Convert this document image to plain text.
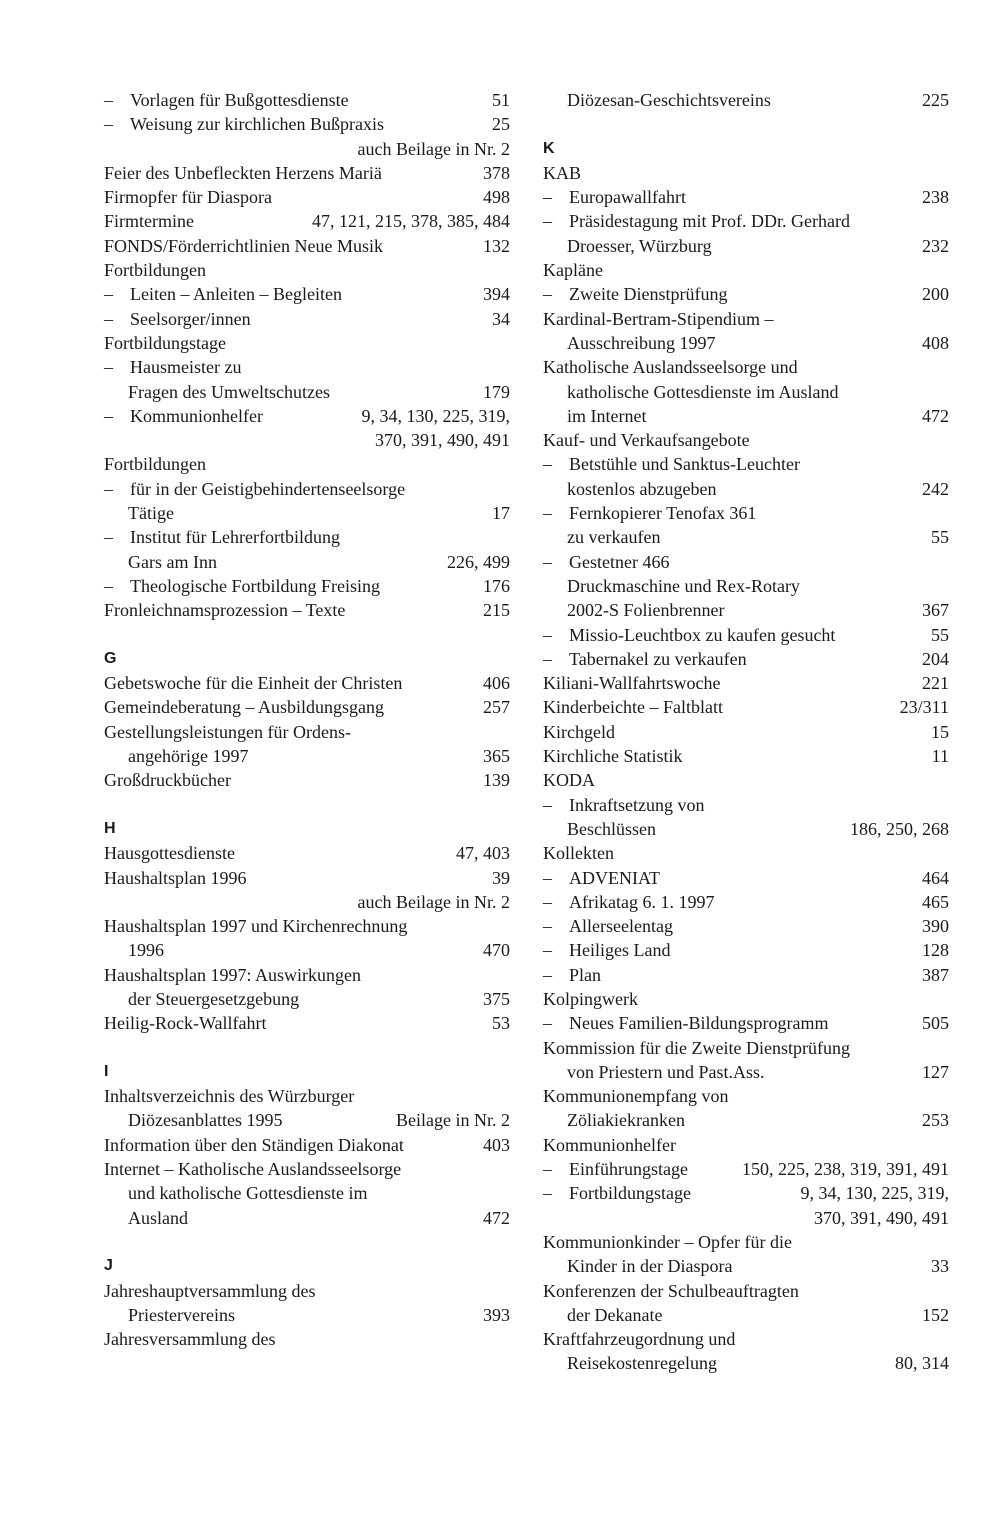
– Vorlagen für Bußgottesdienste	51
– Weisung zur kirchlichen Bußpraxis	25
auch Beilage in Nr. 2
Feier des Unbefleckten Herzens Mariä	378
Firmopfer für Diaspora	498
Firmtermine	47, 121, 215, 378, 385, 484
FONDS/Förderrichtlinien Neue Musik	132
Fortbildungen
– Leiten – Anleiten – Begleiten	394
– Seelsorger/innen	34
Fortbildungstage
– Hausmeister zu
Fragen des Umweltschutzes	179
– Kommunionhelfer	9, 34, 130, 225, 319,
370, 391, 490, 491
Fortbildungen
– für in der Geistigbehindertenseelsorge
Tätige	17
– Institut für Lehrerfortbildung
Gars am Inn	226, 499
– Theologische Fortbildung Freising	176
Fronleichnamsprozession – Texte	215
G
Gebetswoche für die Einheit der Christen	406
Gemeindeberatung – Ausbildungsgang	257
Gestellungsleistungen für Ordens-
angehörige 1997	365
Großdruckbücher	139
H
Hausgottesdienste	47, 403
Haushaltsplan 1996	39
auch Beilage in Nr. 2
Haushaltsplan 1997 und Kirchenrechnung
1996	470
Haushaltsplan 1997: Auswirkungen
der Steuergesetzgebung	375
Heilig-Rock-Wallfahrt	53
I
Inhaltsverzeichnis des Würzburger
Diözesanblattes 1995	Beilage in Nr. 2
Information über den Ständigen Diakonat	403
Internet – Katholische Auslandsseelsorge
und katholische Gottesdienste im
Ausland	472
J
Jahreshauptversammlung des
Priestervereins	393
Jahresversammlung des
Diözesan-Geschichtsvereins	225
K
KAB
– Europawallfahrt	238
– Präsidestagung mit Prof. DDr. Gerhard
Droesser, Würzburg	232
Kapläne
– Zweite Dienstprüfung	200
Kardinal-Bertram-Stipendium –
Ausschreibung 1997	408
Katholische Auslandsseelsorge und
katholische Gottesdienste im Ausland
im Internet	472
Kauf- und Verkaufsangebote
– Betstühle und Sanktus-Leuchter
kostenlos abzugeben	242
– Fernkopierer Tenofax 361
zu verkaufen	55
– Gestetner 466
Druckmaschine und Rex-Rotary
2002-S Folienbrenner	367
– Missio-Leuchtbox zu kaufen gesucht	55
– Tabernakel zu verkaufen	204
Kiliani-Wallfahrtswoche	221
Kinderbeichte – Faltblatt	23/311
Kirchgeld	15
Kirchliche Statistik	11
KODA
– Inkraftsetzung von
Beschlüssen	186, 250, 268
Kollekten
– ADVENIAT	464
– Afrikatag 6. 1. 1997	465
– Allerseelentag	390
– Heiliges Land	128
– Plan	387
Kolpingwerk
– Neues Familien-Bildungsprogramm	505
Kommission für die Zweite Dienstprüfung
von Priestern und Past.Ass.	127
Kommunionempfang von
Zöliakiekranken	253
Kommunionhelfer
– Einführungstage	150, 225, 238, 319, 391, 491
– Fortbildungstage	9, 34, 130, 225, 319,
370, 391, 490, 491
Kommunionkinder – Opfer für die
Kinder in der Diaspora	33
Konferenzen der Schulbeauftragten
der Dekanate	152
Kraftfahrzeugordnung und
Reisekostenregelung	80, 314
